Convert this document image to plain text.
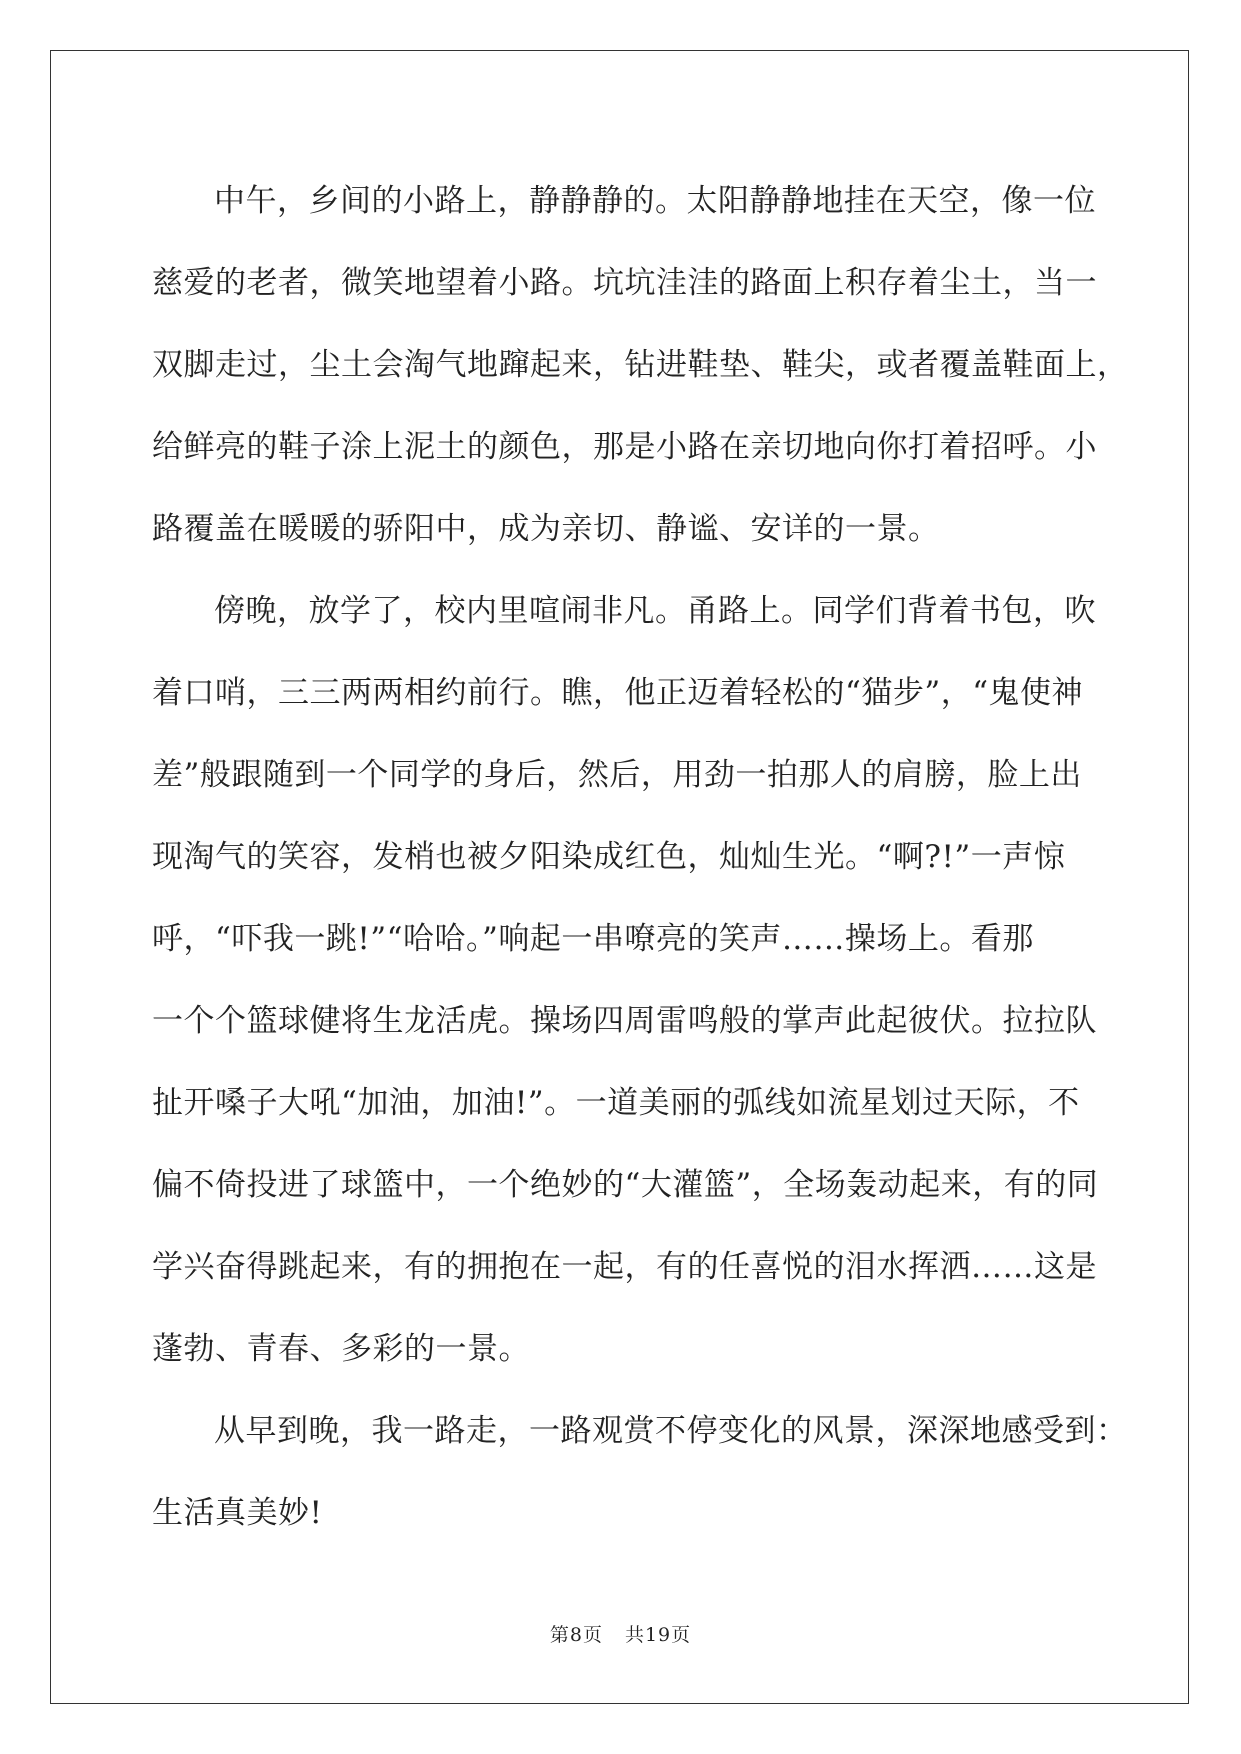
中午，乡间的小路上，静静静的。太阳静静地挂在天空，像一位
慈爱的老者，微笑地望着小路。坑坑洼洼的路面上积存着尘土，当一
双脚走过，尘土会淘气地蹿起来，钻进鞋垫、鞋尖，或者覆盖鞋面上，
给鲜亮的鞋子涂上泥土的颜色，那是小路在亲切地向你打着招呼。小
路覆盖在暖暖的骄阳中，成为亲切、静谧、安详的一景。
傍晚，放学了，校内里喧闹非凡。甬路上。同学们背着书包，吹
着口哨，三三两两相约前行。瞧，他正迈着轻松的“猫步”，“鬼使神
差”般跟随到一个同学的身后，然后，用劲一拍那人的肩膀，脸上出
现淘气的笑容，发梢也被夕阳染成红色，灿灿生光。“啊?!”一声惊
呼，“吓我一跳!”“哈哈。”响起一串嘹亮的笑声……操场上。看那
一个个篮球健将生龙活虎。操场四周雷鸣般的掌声此起彼伏。拉拉队
扯开嗓子大吼“加油，加油!”。一道美丽的弧线如流星划过天际，不
偏不倚投进了球篮中，一个绝妙的“大灌篮”，全场轰动起来，有的同
学兴奋得跳起来，有的拥抱在一起，有的任喜悦的泪水挥洒……这是
蓬勃、青春、多彩的一景。
从早到晚，我一路走，一路观赏不停变化的风景，深深地感受到：
生活真美妙!
第8页 共19页
